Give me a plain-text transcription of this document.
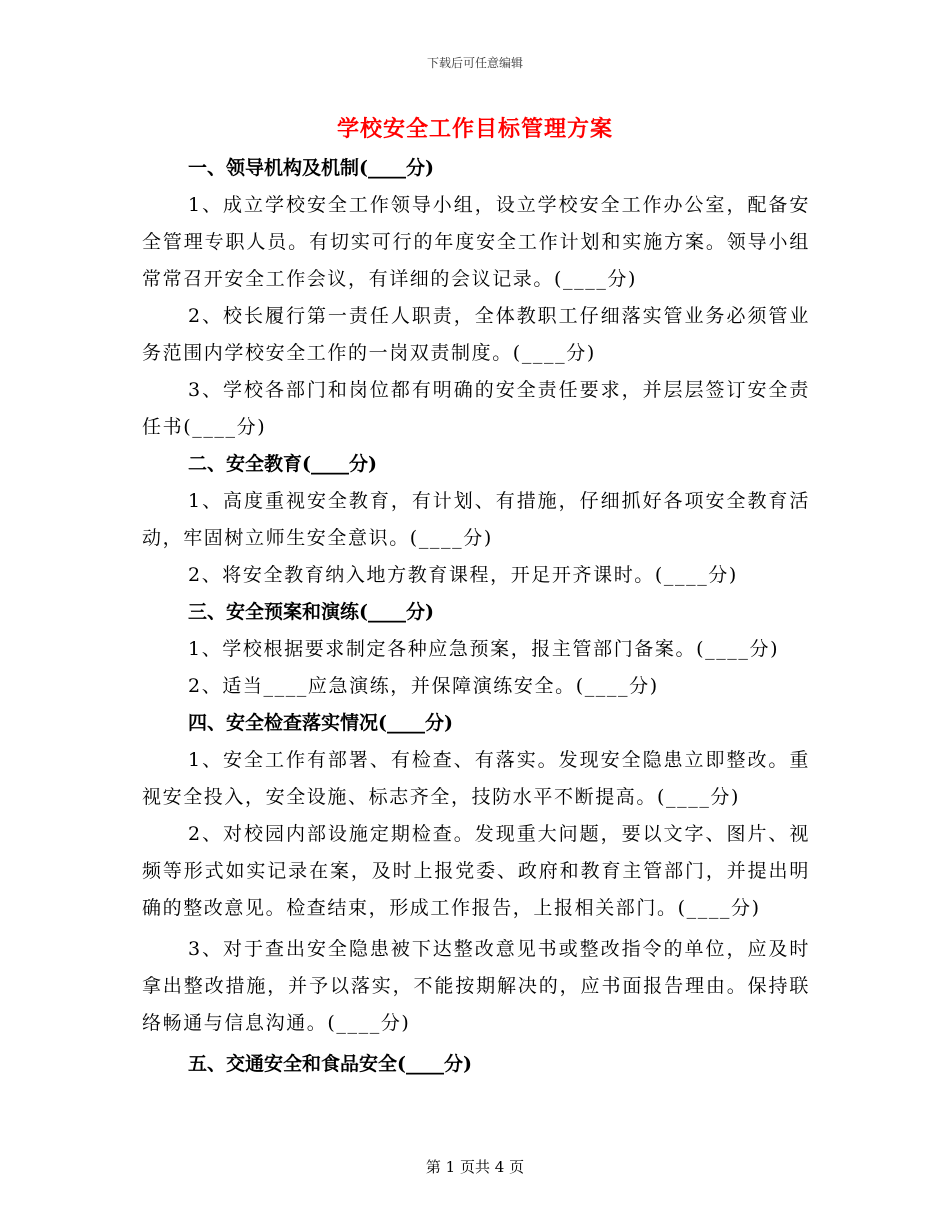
下载后可任意编辑
学校安全工作目标管理方案

一、领导机构及机制(____分)

1、成立学校安全工作领导小组，设立学校安全工作办公室，配备安全管理专职人员。有切实可行的年度安全工作计划和实施方案。领导小组常常召开安全工作会议，有详细的会议记录。(____分)

2、校长履行第一责任人职责，全体教职工仔细落实管业务必须管业务范围内学校安全工作的一岗双责制度。(____分)

3、学校各部门和岗位都有明确的安全责任要求，并层层签订安全责任书(____分)

二、安全教育(____分)

1、高度重视安全教育，有计划、有措施，仔细抓好各项安全教育活动，牢固树立师生安全意识。(____分)

2、将安全教育纳入地方教育课程，开足开齐课时。(____分)

三、安全预案和演练(____分)

1、学校根据要求制定各种应急预案，报主管部门备案。(____分)

2、适当____应急演练，并保障演练安全。(____分)

四、安全检查落实情况(____分)

1、安全工作有部署、有检查、有落实。发现安全隐患立即整改。重视安全投入，安全设施、标志齐全，技防水平不断提高。(____分)

2、对校园内部设施定期检查。发现重大问题，要以文字、图片、视频等形式如实记录在案，及时上报党委、政府和教育主管部门，并提出明确的整改意见。检查结束，形成工作报告，上报相关部门。(____分)

3、对于查出安全隐患被下达整改意见书或整改指令的单位，应及时拿出整改措施，并予以落实，不能按期解决的，应书面报告理由。保持联络畅通与信息沟通。(____分)

五、交通安全和食品安全(____分)

第 1 页共 4 页
